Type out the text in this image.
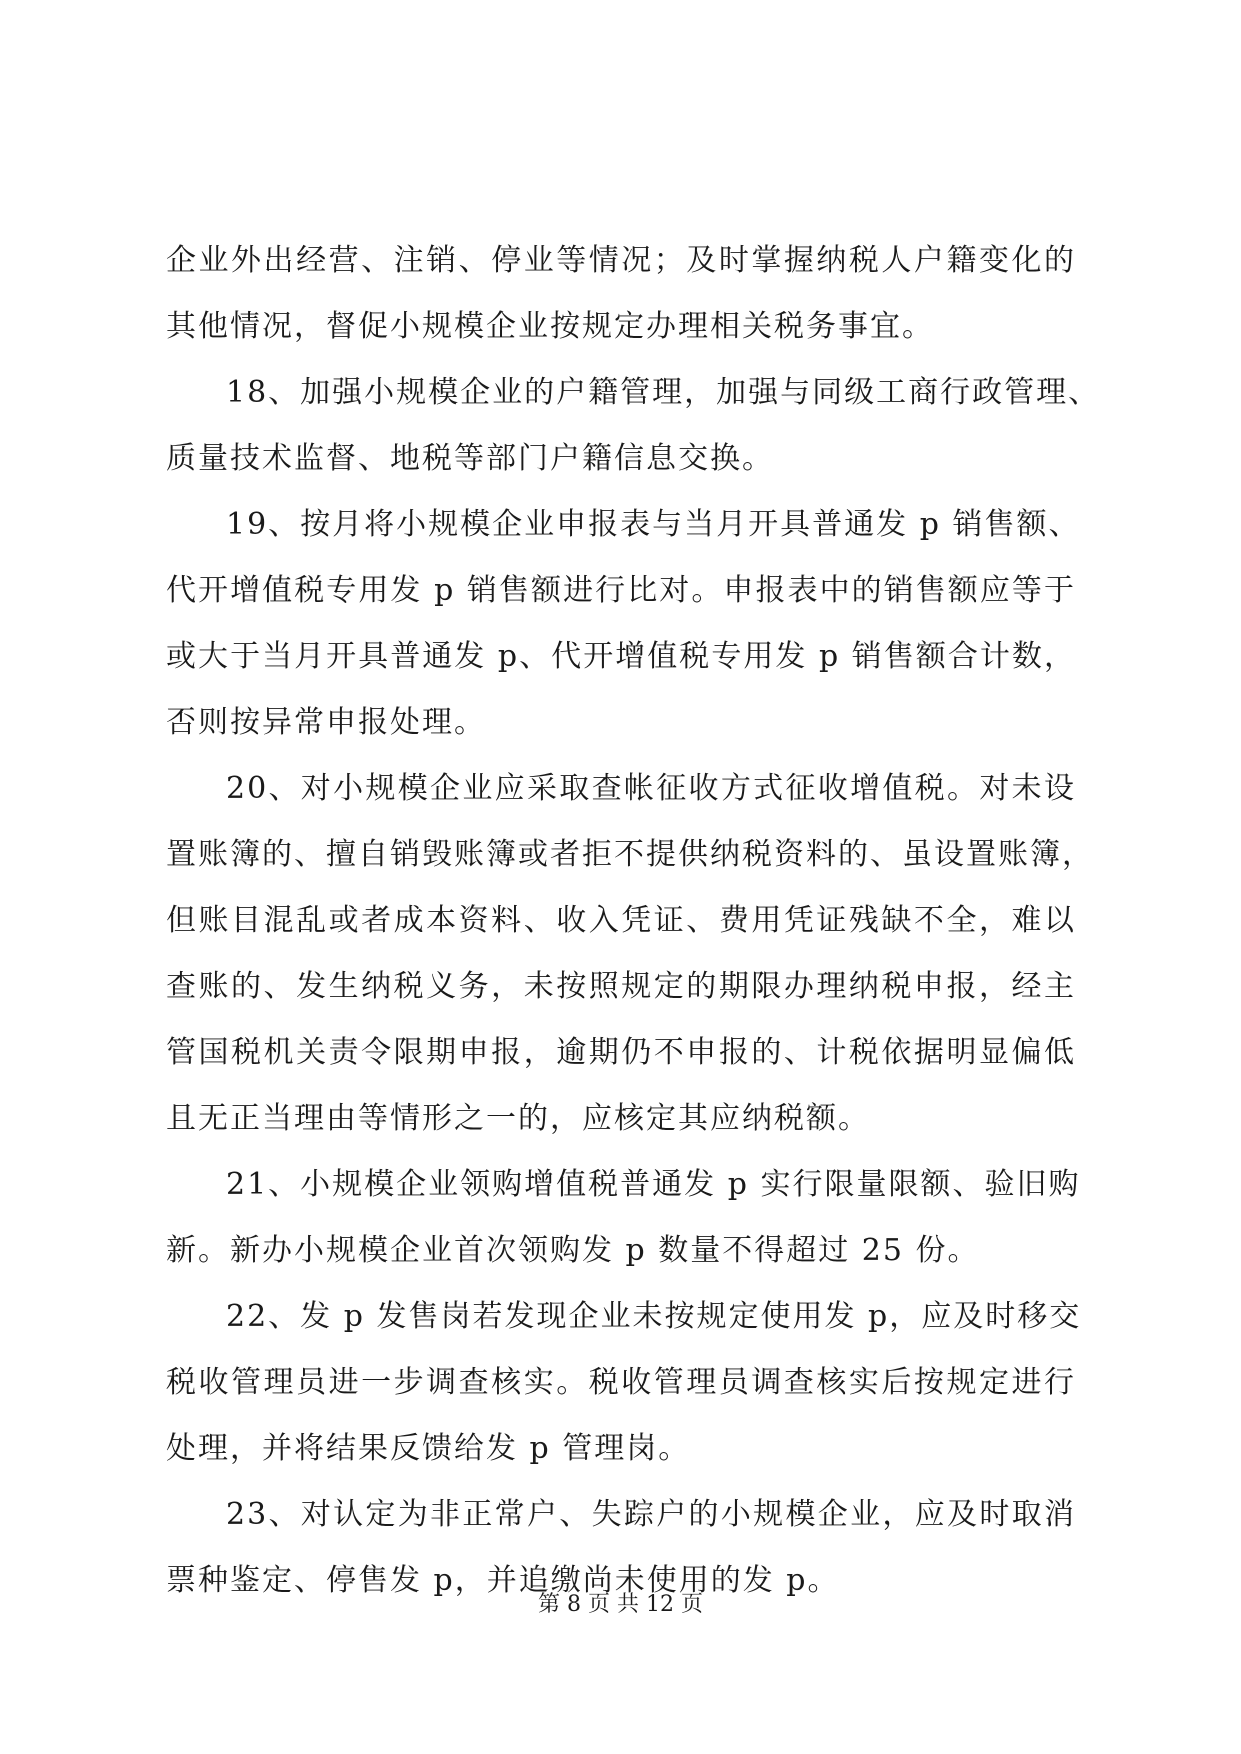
企业外出经营、注销、停业等情况；及时掌握纳税人户籍变化的
其他情况，督促小规模企业按规定办理相关税务事宜。
18、加强小规模企业的户籍管理，加强与同级工商行政管理、
质量技术监督、地税等部门户籍信息交换。
19、按月将小规模企业申报表与当月开具普通发 p 销售额、
代开增值税专用发 p 销售额进行比对。申报表中的销售额应等于
或大于当月开具普通发 p、代开增值税专用发 p 销售额合计数，
否则按异常申报处理。
20、对小规模企业应采取查帐征收方式征收增值税。对未设
置账簿的、擅自销毁账簿或者拒不提供纳税资料的、虽设置账簿，
但账目混乱或者成本资料、收入凭证、费用凭证残缺不全，难以
查账的、发生纳税义务，未按照规定的期限办理纳税申报，经主
管国税机关责令限期申报，逾期仍不申报的、计税依据明显偏低
且无正当理由等情形之一的，应核定其应纳税额。
21、小规模企业领购增值税普通发 p 实行限量限额、验旧购
新。新办小规模企业首次领购发 p 数量不得超过 25 份。
22、发 p 发售岗若发现企业未按规定使用发 p，应及时移交
税收管理员进一步调查核实。税收管理员调查核实后按规定进行
处理，并将结果反馈给发 p 管理岗。
23、对认定为非正常户、失踪户的小规模企业，应及时取消
票种鉴定、停售发 p，并追缴尚未使用的发 p。
第 8 页 共 12 页
